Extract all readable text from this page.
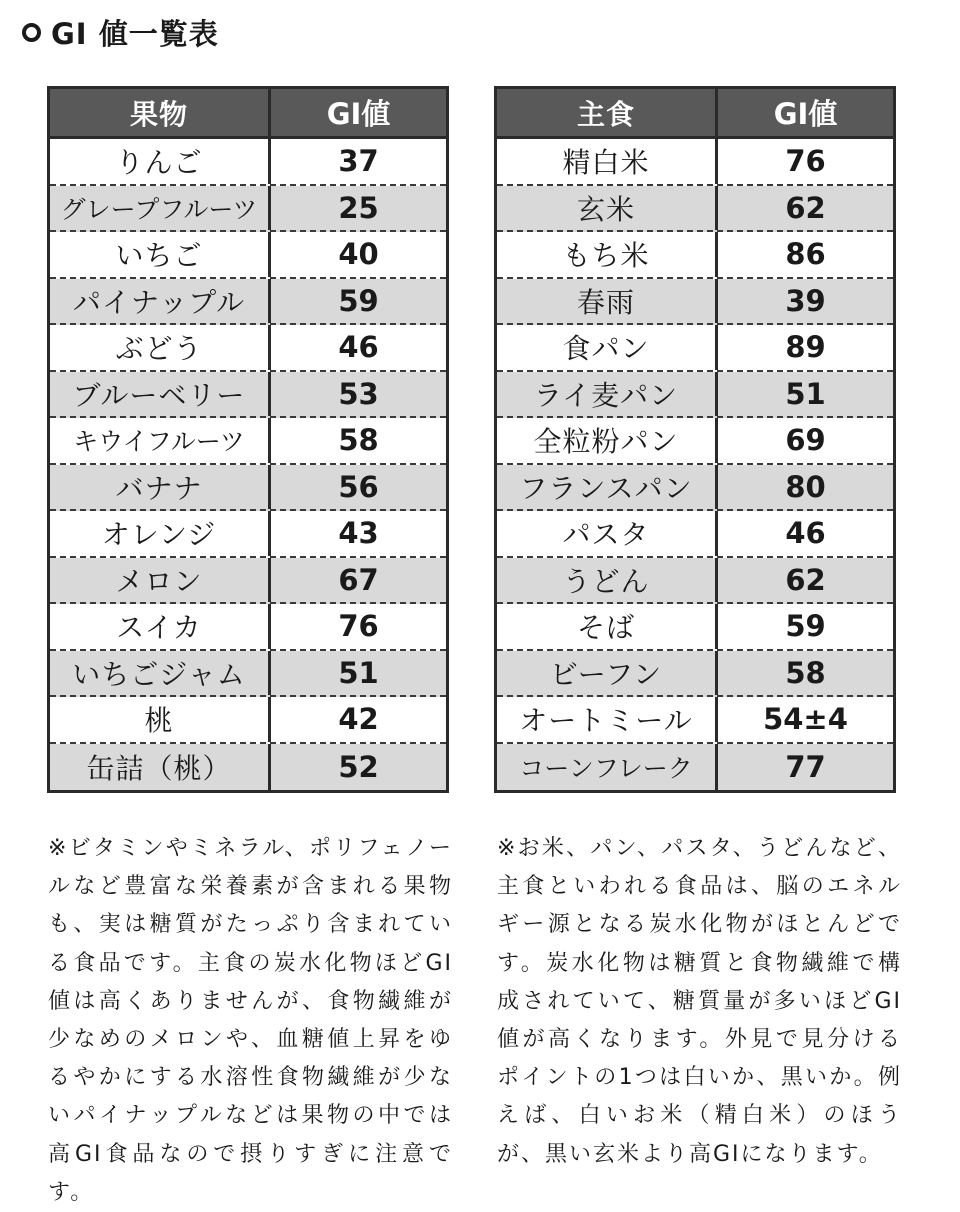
GI 値一覧表
果物	GI値
りんご	37
グレープフルーツ	25
いちご	40
パイナップル	59
ぶどう	46
ブルーベリー	53
キウイフルーツ	58
バナナ	56
オレンジ	43
メロン	67
スイカ	76
いちごジャム	51
桃	42
缶詰（桃）	52
主食	GI値
精白米	76
玄米	62
もち米	86
春雨	39
食パン	89
ライ麦パン	51
全粒粉パン	69
フランスパン	80
パスタ	46
うどん	62
そば	59
ビーフン	58
オートミール	54±4
コーンフレーク	77
※ビタミンやミネラル、ポリフェノールなど豊富な栄養素が含まれる果物も、実は糖質がたっぷり含まれている食品です。主食の炭水化物ほどGI値は高くありませんが、食物繊維が少なめのメロンや、血糖値上昇をゆるやかにする水溶性食物繊維が少ないパイナップルなどは果物の中では高GI食品なので摂りすぎに注意です。
※お米、パン、パスタ、うどんなど、主食といわれる食品は、脳のエネルギー源となる炭水化物がほとんどです。炭水化物は糖質と食物繊維で構成されていて、糖質量が多いほどGI値が高くなります。外見で見分けるポイントの1つは白いか、黒いか。例えば、白いお米（精白米）のほうが、黒い玄米より高GIになります。
